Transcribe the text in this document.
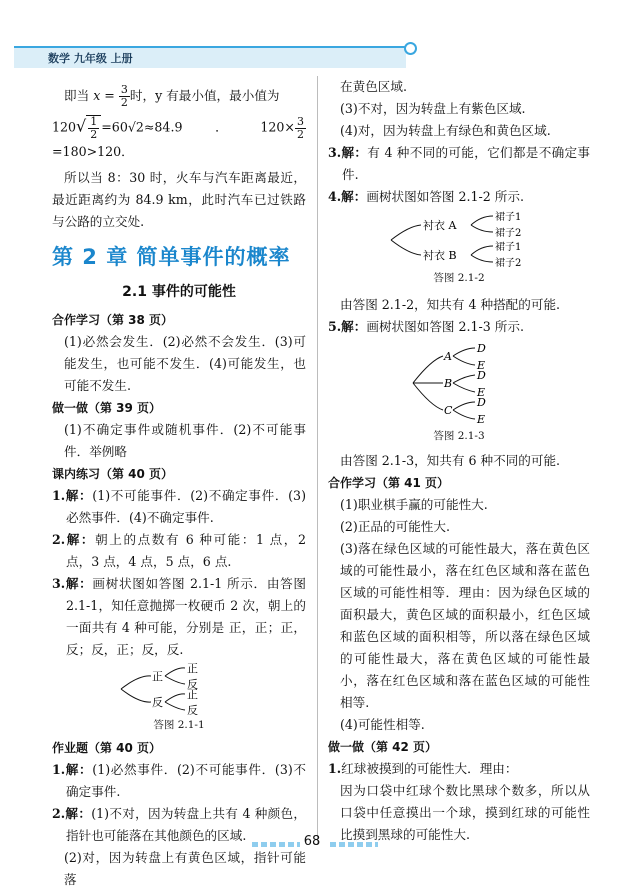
数学 九年级 上册

即当 $x = \frac{3}{2}$ 时，y 有最小值，最小值为

$120√ \frac{1}{2} =60√2\approx 84.9$．$120\times \frac{3}{2}$
=180>120．

所以当 8：30 时，火车与汽车距离最近，最近距离约为 84.9 km，此时汽车已过铁路与公路的立交处.

第 2 章 简单事件的概率
2.1 事件的可能性
合作学习（第 38 页）

(1)必然会发生．(2)必然不会发生．(3)可能发生，也可能不发生．(4)可能发生，也可能不发生.

做一做（第 39 页）

(1)不确定事件或随机事件．(2)不可能事件．举例略

课内练习（第 40 页）

1.解：(1)不可能事件．(2)不确定事件．(3)必然事件．(4)不确定事件.

2.解：朝上的点数有 6 种可能：1 点，2 点，3 点，4 点，5 点，6 点.

3.解：画树状图如答图 2.1-1 所示．由答图 2.1-1，知任意抛掷一枚硬币 2 次，朝上的一面共有 4 种可能，分别是 正，正；正，反；反，正；反，反.

正
反
正
反
正
反

答图 2.1-1

作业题（第 40 页）

1.解：(1)必然事件．(2)不可能事件．(3)不确定事件.

2.解：(1)不对，因为转盘上共有 4 种颜色，指针也可能落在其他颜色的区域.

(2)对，因为转盘上有黄色区域，指针可能落

在黄色区域.

(3)不对，因为转盘上有紫色区域.

(4)对，因为转盘上有绿色和黄色区域.

3.解：有 4 种不同的可能，它们都是不确定事件.

4.解：画树状图如答图 2.1-2 所示.

衬衣 A
衬衣 B
裙子1
裙子2
裙子1
裙子2

答图 2.1-2

由答图 2.1-2，知共有 4 种搭配的可能.

5.解：画树状图如答图 2.1-3 所示.

A
B
C
D
E
D
E
D
E

答图 2.1-3

由答图 2.1-3，知共有 6 种不同的可能.

合作学习（第 41 页）

(1)职业棋手赢的可能性大.

(2)正品的可能性大.

(3)落在绿色区域的可能性最大，落在黄色区域的可能性最小，落在红色区域和落在蓝色区域的可能性相等．理由：因为绿色区域的面积最大，黄色区域的面积最小，红色区域和蓝色区域的面积相等，所以落在绿色区域的可能性最大，落在黄色区域的可能性最小，落在红色区域和落在蓝色区域的可能性相等.

(4)可能性相等.

做一做（第 42 页）

1.红球被摸到的可能性大．理由：

因为口袋中红球个数比黑球个数多，所以从口袋中任意摸出一个球，摸到红球的可能性比摸到黑球的可能性大.

68
